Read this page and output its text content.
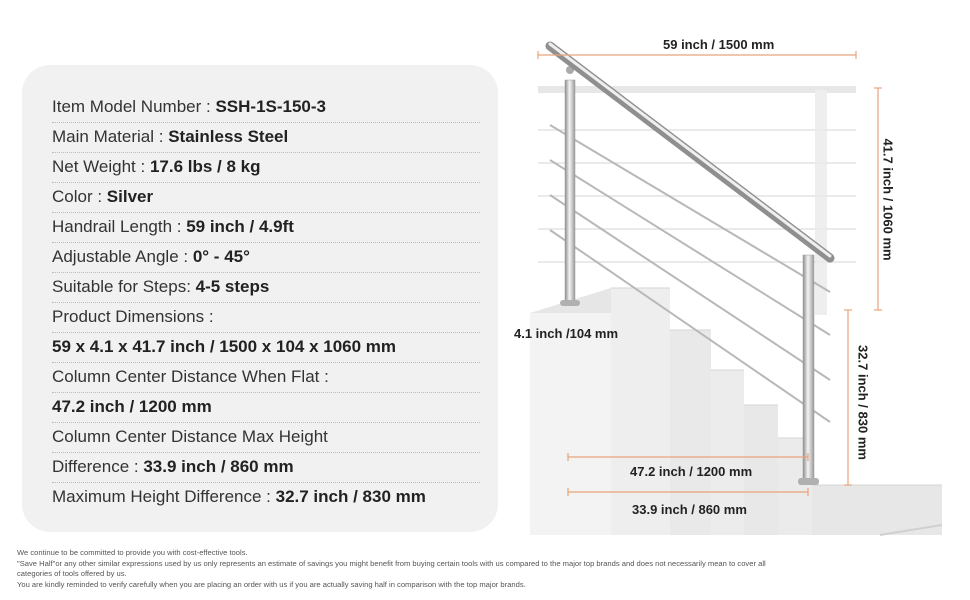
Item Model Number : SSH-1S-150-3
Main Material : Stainless Steel
Net Weight : 17.6 lbs / 8 kg
Color : Silver
Handrail Length : 59 inch / 4.9ft
Adjustable Angle : 0° - 45°
Suitable for Steps: 4-5 steps
Product Dimensions :
59 x 4.1 x 41.7 inch / 1500 x 104 x 1060 mm
Column Center Distance When Flat :
47.2 inch / 1200 mm
Column Center Distance Max Height
Difference : 33.9 inch / 860 mm
Maximum Height Difference : 32.7 inch / 830 mm
59 inch / 1500 mm
41.7 inch / 1060 mm
4.1 inch /104 mm
32.7 inch / 830 mm
47.2 inch / 1200 mm
33.9 inch / 860 mm
We continue to be committed to provide you with cost-effective tools.
"Save Half"or any other similar expressions used by us only represents an estimate of savings you might benefit from buying certain tools with us compared to the major top brands and does not necessarily mean to cover all
categories of tools offered by us.
You are kindly reminded to verify carefully when you are placing an order with us if you are actually saving half in comparison with the top major brands.
